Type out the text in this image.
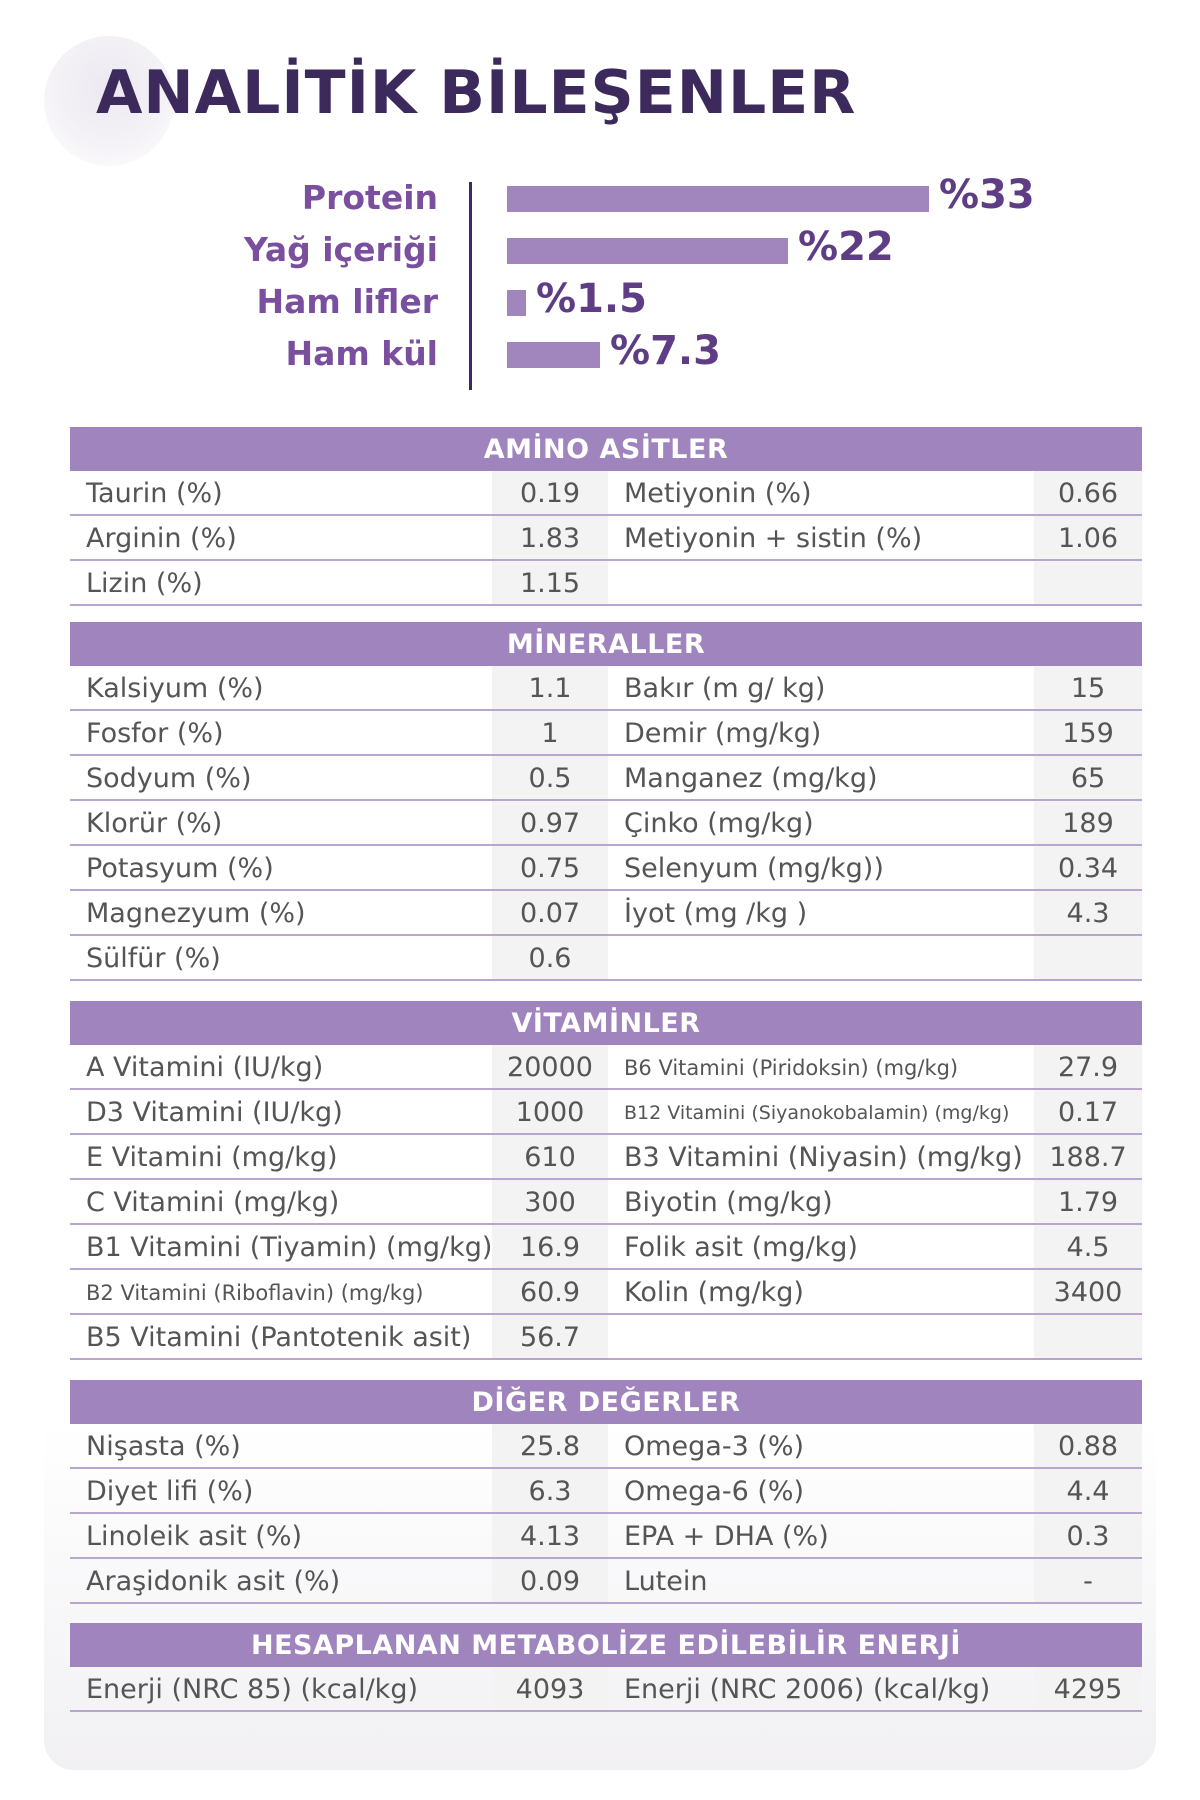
ANALİTİK BİLEŞENLER
Protein	%33
Yağ içeriği	%22
Ham lifler %1.5
Ham kül	%7.3
AMİNO ASİTLER
Taurin (%)	0.19	Metiyonin (%)	0.66
Arginin (%)	1.83	Metiyonin + sistin (%)	1.06
Lizin (%)	1.15
MİNERALLER
Kalsiyum (%)	1.1	Bakır (m g/ kg)	15
Fosfor (%)	1	Demir (mg/kg)	159
Sodyum (%)	0.5	Manganez (mg/kg)	65
Klorür (%)	0.97	Çinko (mg/kg)	189
Potasyum (%)	0.75	Selenyum (mg/kg))	0.34
Magnezyum (%)	0.07	İyot (mg /kg )	4.3
Sülfür (%)	0.6
VİTAMİNLER
A Vitamini (IU/kg)	20000	B6 Vitamini (Piridoksin) (mg/kg)	27.9
D3 Vitamini (IU/kg)	1000	B12 Vitamini (Siyanokobalamin) (mg/kg)	0.17
E Vitamini (mg/kg)	610	B3 Vitamini (Niyasin) (mg/kg) 188.7
C Vitamini (mg/kg)	300	Biyotin (mg/kg)	1.79
B1 Vitamini (Tiyamin) (mg/kg)	16.9	Folik asit (mg/kg)	4.5
B2 Vitamini (Riboflavin) (mg/kg)	60.9	Kolin (mg/kg)	3400
B5 Vitamini (Pantotenik asit)	56.7
DİĞER DEĞERLER
Nişasta (%)	25.8	Omega-3 (%)	0.88
Diyet lifi (%)	6.3	Omega-6 (%)	4.4
Linoleik asit (%)	4.13	EPA + DHA (%)	0.3
Araşidonik asit (%)	0.09	Lutein	-
HESAPLANAN METABOLİZE EDİLEBİLİR ENERJİ
Enerji (NRC 85) (kcal/kg)	4093	Enerji (NRC 2006) (kcal/kg)	4295
